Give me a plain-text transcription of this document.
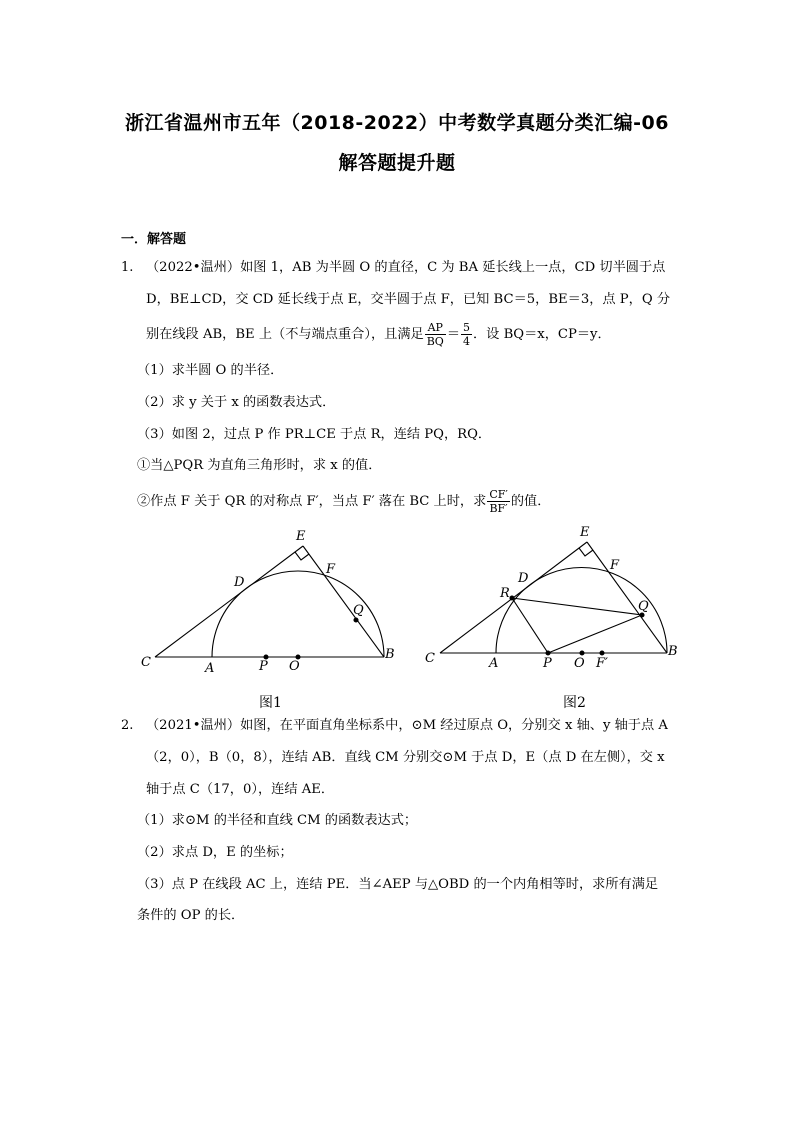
浙江省温州市五年（2018-2022）中考数学真题分类汇编-06
解答题提升题
一．解答题
1. （2022•温州）如图 1，AB 为半圆 O 的直径，C 为 BA 延长线上一点，CD 切半圆于点
D，BE⊥CD，交 CD 延长线于点 E，交半圆于点 F，已知 BC＝5，BE＝3，点 P，Q 分
别在线段 AB，BE 上（不与端点重合），且满足 $\frac{AP}{BQ} = \frac{5}{4}$ ．设 BQ＝x，CP＝y．
（1）求半圆 O 的半径．
（2）求 y 关于 x 的函数表达式．
（3）如图 2，过点 P 作 PR⊥CE 于点 R，连结 PQ，RQ．
①当△PQR 为直角三角形时，求 x 的值．
②作点 F 关于 QR 的对称点 F′，当点 F′ 落在 BC 上时，求 $\frac{CF'}{BF'}$ 的值．
E
D
F
Q
C	A	P O
B
E
D
F
R
Q
C	A	P O F′
B
图1	图2
2. （2021•温州）如图，在平面直角坐标系中，⊙M 经过原点 O，分别交 x 轴、y 轴于点 A
（2，0），B（0，8），连结 AB．直线 CM 分别交⊙M 于点 D，E（点 D 在左侧），交 x
轴于点 C（17，0），连结 AE．
（1）求⊙M 的半径和直线 CM 的函数表达式；
（2）求点 D，E 的坐标；
（3）点 P 在线段 AC 上，连结 PE．当∠AEP 与△OBD 的一个内角相等时，求所有满足
条件的 OP 的长．
